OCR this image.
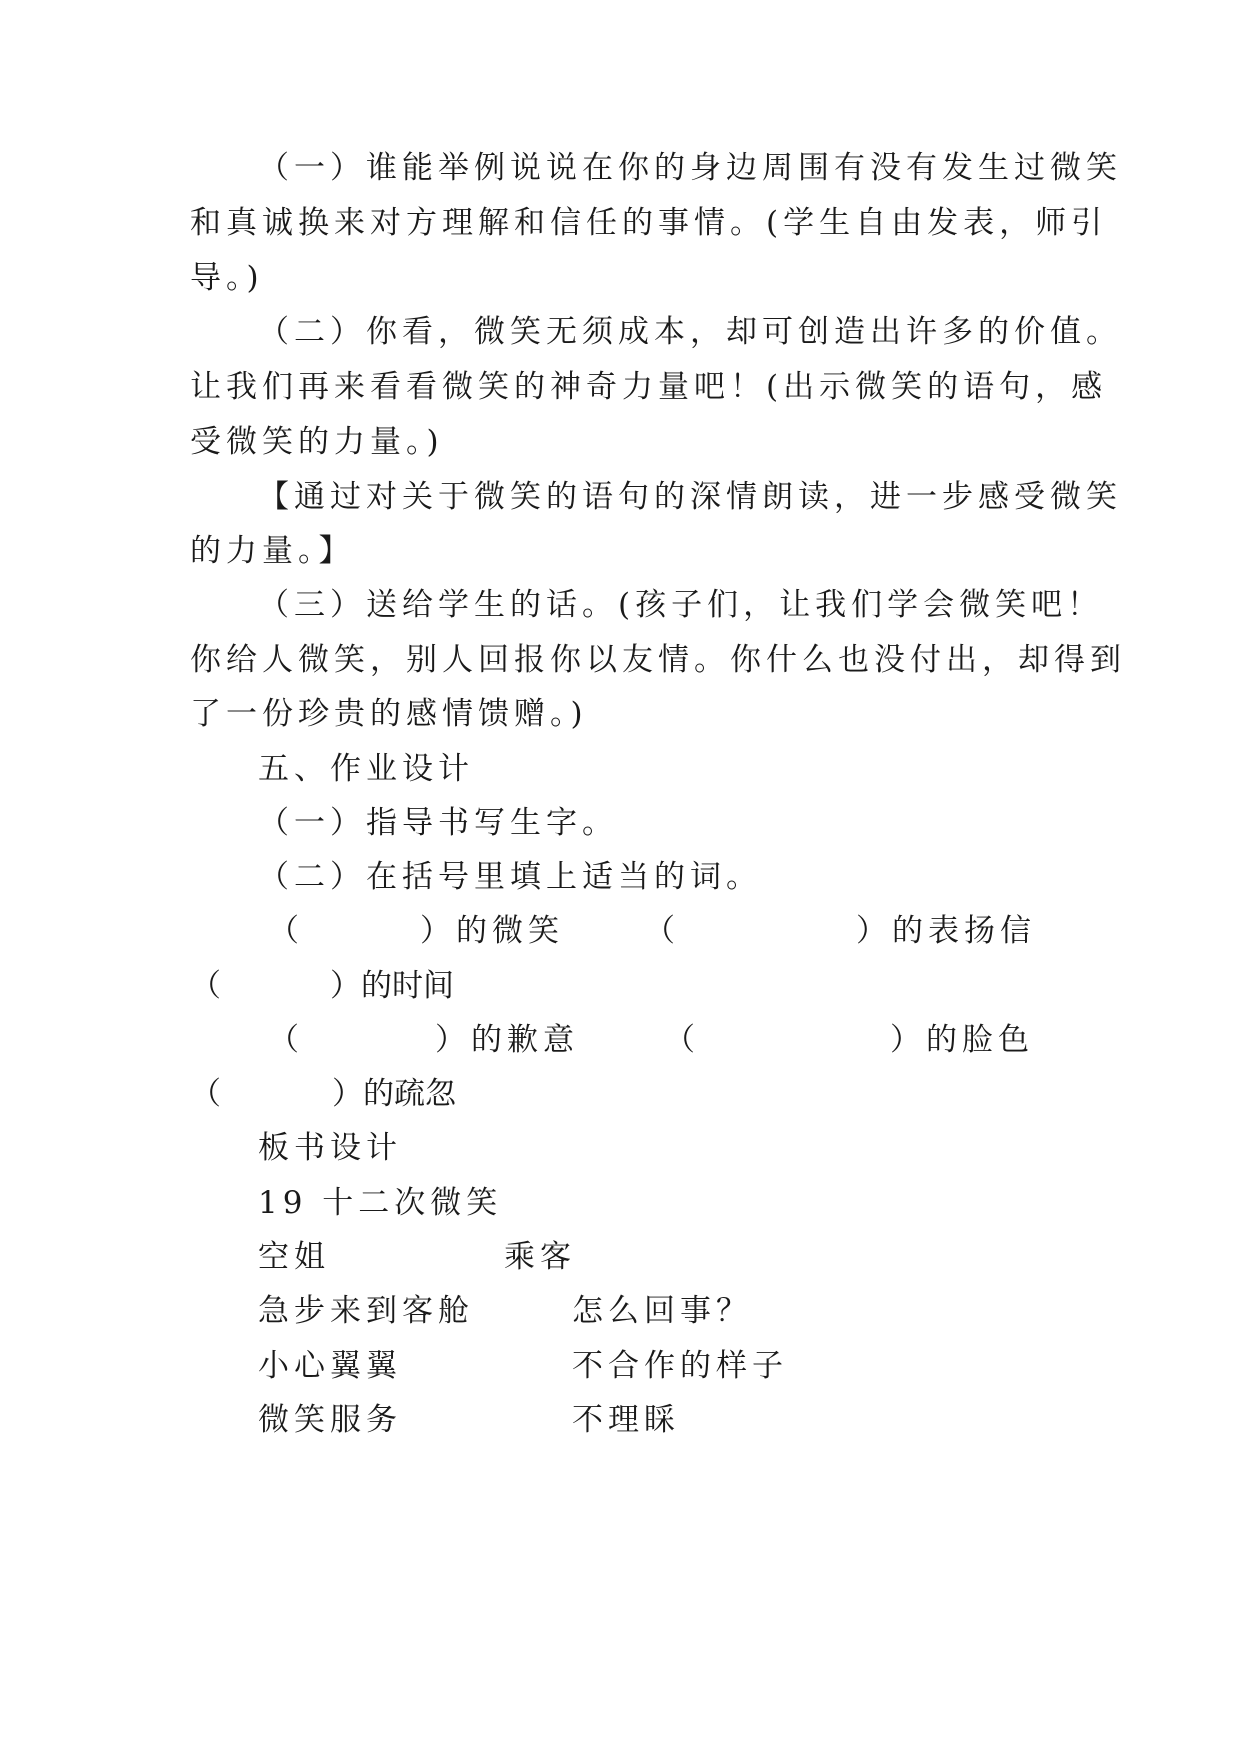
（一）谁能举例说说在你的身边周围有没有发生过微笑

和真诚换来对方理解和信任的事情。(学生自由发表，师引

导。)

（二）你看，微笑无须成本，却可创造出许多的价值。

让我们再来看看微笑的神奇力量吧！(出示微笑的语句，感

受微笑的力量。)

【通过对关于微笑的语句的深情朗读，进一步感受微笑

的力量。】

（三）送给学生的话。(孩子们，让我们学会微笑吧！

你给人微笑，别人回报你以友情。你什么也没付出，却得到

了一份珍贵的感情馈赠。)

五、作业设计

（一）指导书写生字。

（二）在括号里填上适当的词。

（	）的微笑	（	）的表扬信
（	）的时间
（	）的歉意	（	）的脸色
（	）的疏忽

板书设计

19 十二次微笑

空姐	乘客
急步来到客舱	怎么回事？
小心翼翼	不合作的样子
微笑服务	不理睬
